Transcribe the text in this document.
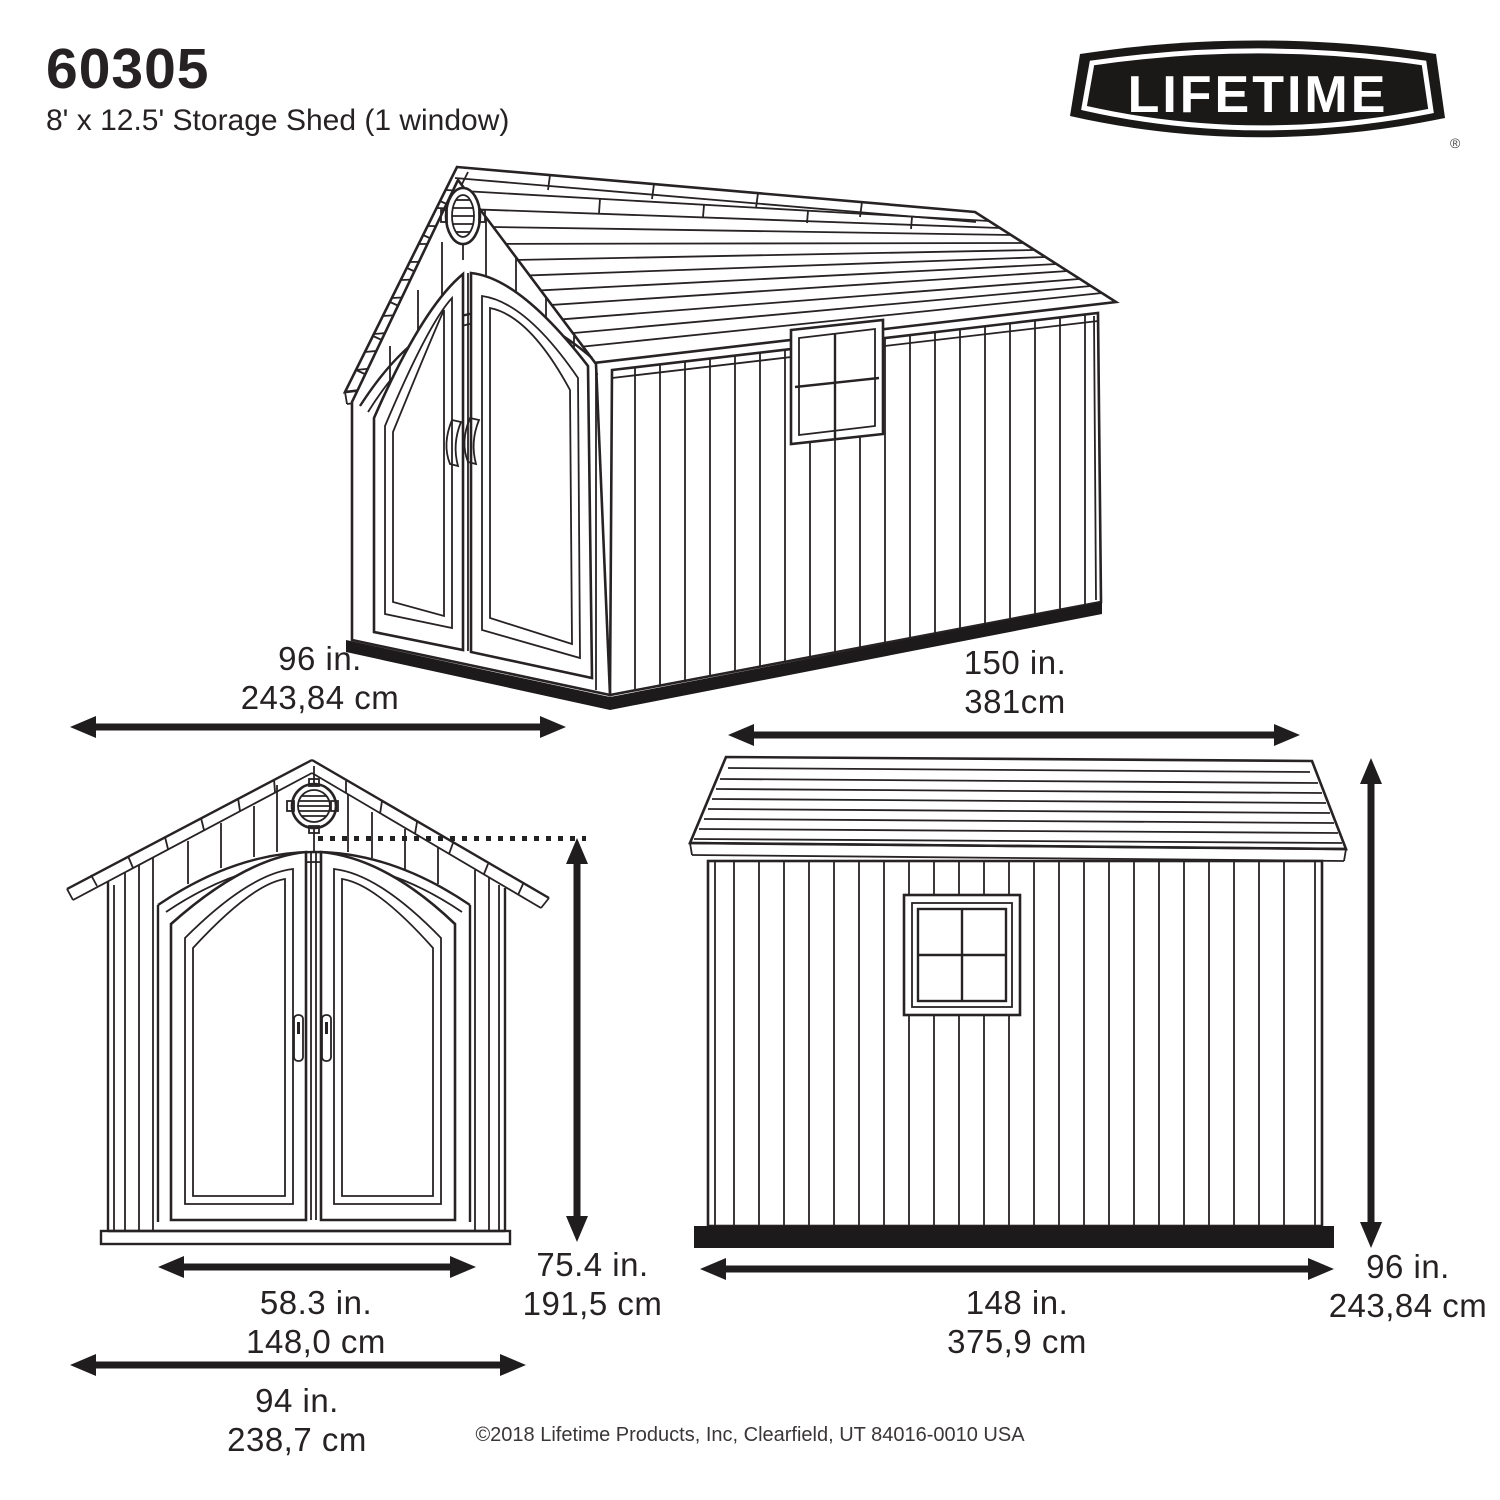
60305
8' x 12.5' Storage Shed (1 window)	LIFETIME
®
96 in.
243,84 cm
150 in.
381cm
58.3 in.
148,0 cm
94 in.
238,7 cm
75.4 in.
191,5 cm	148 in.
375,9 cm
96 in.
243,84 cm
©2018 Lifetime Products, Inc, Clearfield, UT 84016-0010 USA
